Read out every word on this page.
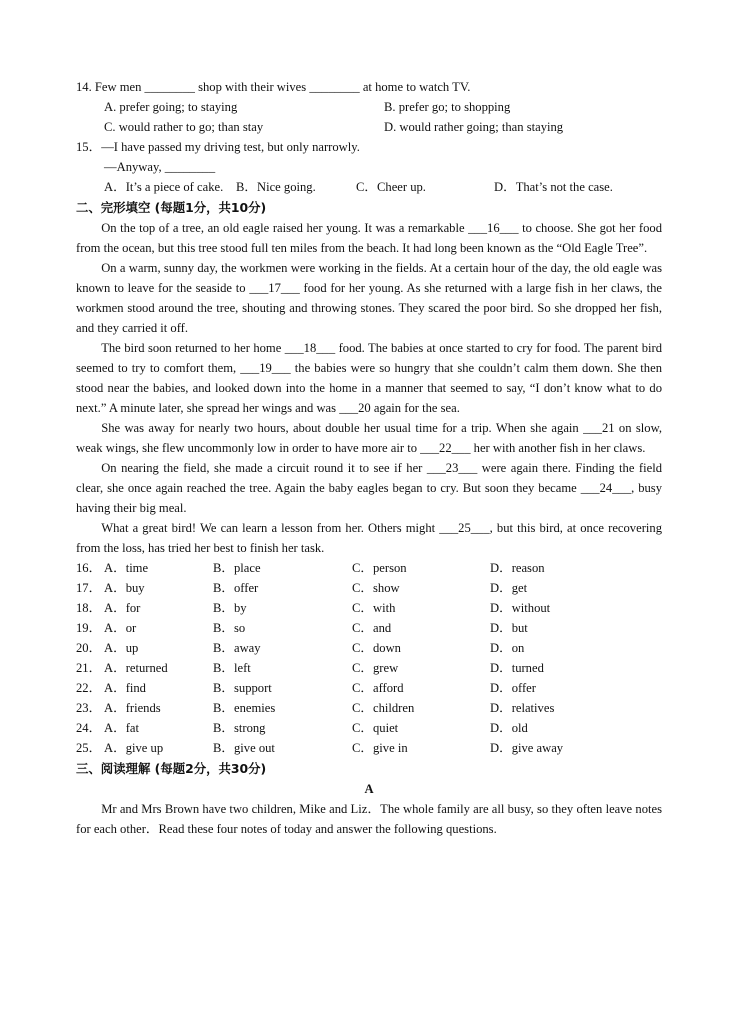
14. Few men ________ shop with their wives ________ at home to watch TV.
A. prefer going; to staying	B. prefer go; to shopping
C. would rather to go; than stay	D. would rather going; than staying
15．—I have passed my driving test, but only narrowly.
—Anyway, ________
A．It’s a piece of cake. B．Nice going.	C．Cheer up.	D．That’s not the case.
二、完形填空 (每题1分，共10分)

On the top of a tree, an old eagle raised her young. It was a remarkable ___16___ to choose. She got her food from the ocean, but this tree stood full ten miles from the beach. It had long been known as the “Old Eagle Tree”.

On a warm, sunny day, the workmen were working in the fields. At a certain hour of the day, the old eagle was known to leave for the seaside to ___17___ food for her young. As she returned with a large fish in her claws, the workmen stood around the tree, shouting and throwing stones. They scared the poor bird. So she dropped her fish, and they carried it off.

The bird soon returned to her home ___18___ food. The babies at once started to cry for food. The parent bird seemed to try to comfort them, ___19___ the babies were so hungry that she couldn’t calm them down. She then stood near the babies, and looked down into the home in a manner that seemed to say, “I don’t know what to do next.” A minute later, she spread her wings and was ___20 again for the sea.

She was away for nearly two hours, about double her usual time for a trip. When she again ___21 on slow, weak wings, she flew uncommonly low in order to have more air to ___22___ her with another fish in her claws.

On nearing the field, she made a circuit round it to see if her ___23___ were again there. Finding the field clear, she once again reached the tree. Again the baby eagles began to cry. But soon they became ___24___, busy having their big meal.

What a great bird! We can learn a lesson from her. Others might ___25___, but this bird, at once recovering from the loss, has tried her best to finish her task.

16． A．time	B．place	C．person	D．reason
17． A．buy	B．offer	C．show	D．get
18． A．for	B．by	C．with	D．without
19． A．or	B．so	C．and	D．but
20． A．up	B．away	C．down	D．on
21． A．returned	B．left	C．grew	D．turned
22． A．find	B．support	C．afford	D．offer
23． A．friends	B．enemies	C．children	D．relatives
24． A．fat	B．strong	C．quiet	D．old
25． A．give up	B．give out	C．give in	D．give away
三、阅读理解 (每题2分，共30分)
A

Mr and Mrs Brown have two children, Mike and Liz．The whole family are all busy, so they often leave notes for each other．Read these four notes of today and answer the following questions.
